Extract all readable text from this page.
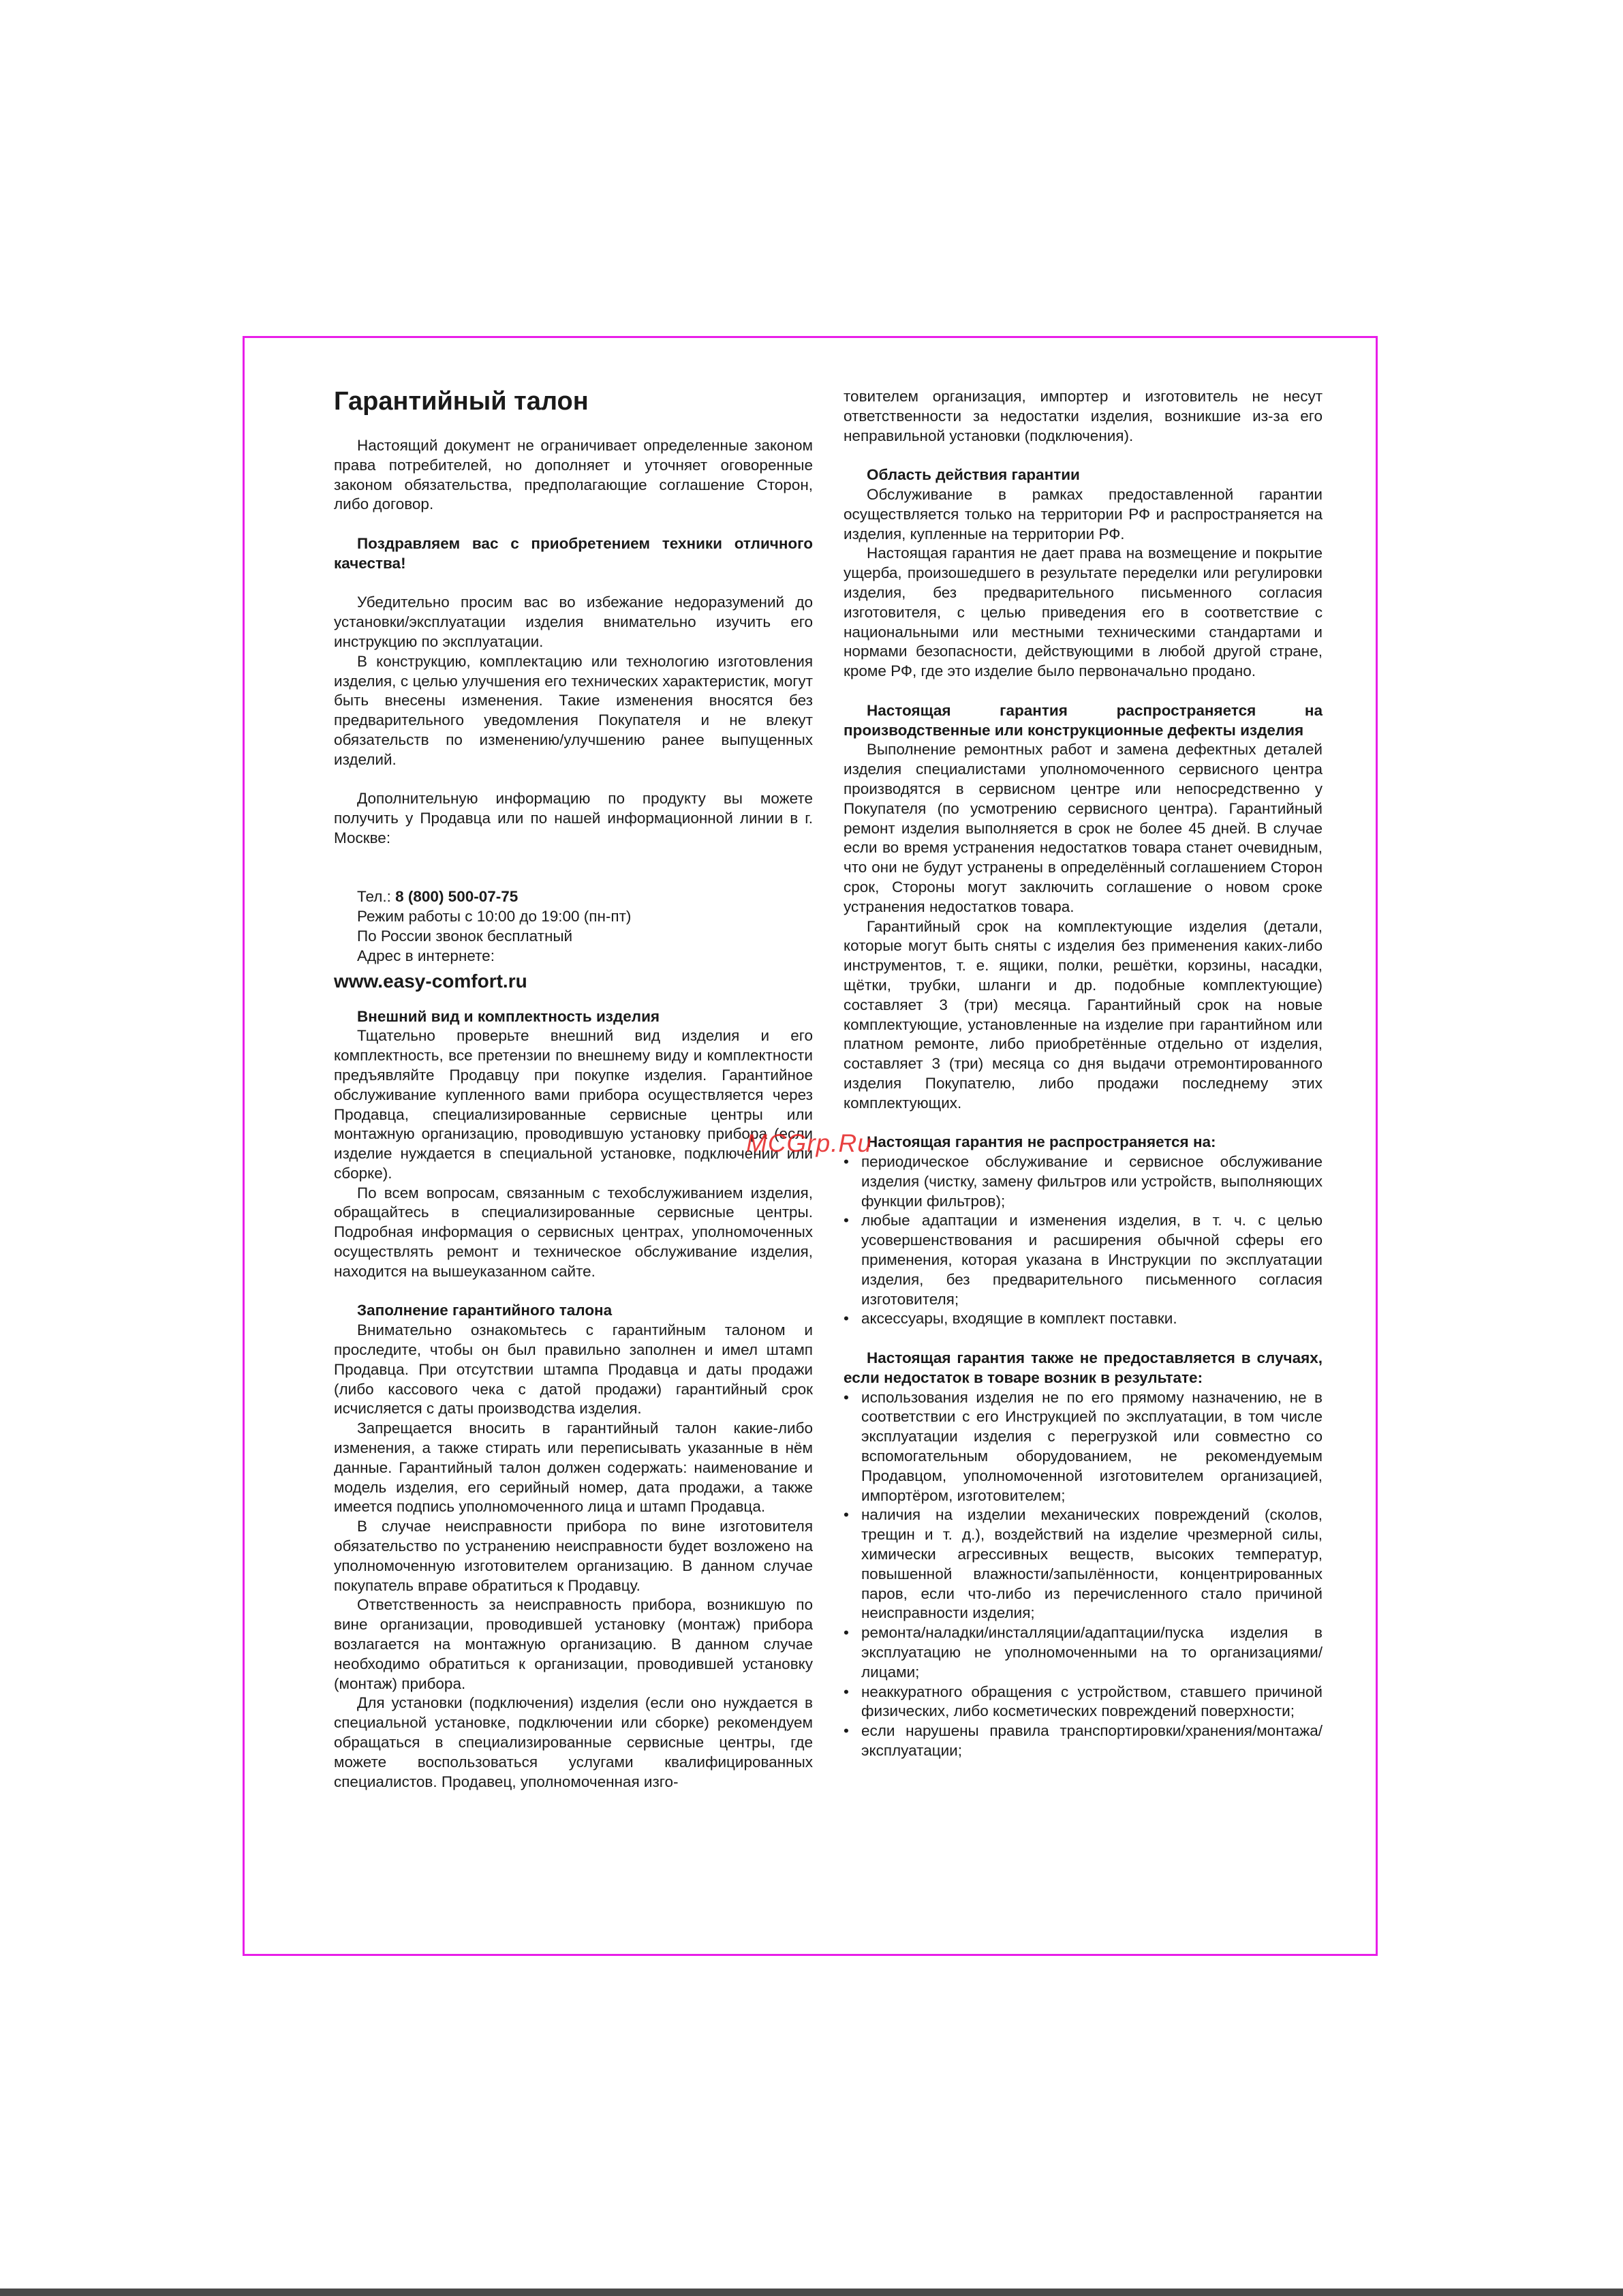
Гарантийный талон

Настоящий документ не ограничивает определенные законом права потребителей, но дополняет и уточняет оговоренные законом обязательства, предполагающие соглашение Сторон, либо договор.

Поздравляем вас с приобретением техники отличного качества!

Убедительно просим вас во избежание недоразумений до установки/эксплуатации изделия внимательно изучить его инструкцию по эксплуатации.

В конструкцию, комплектацию или технологию изготовления изделия, с целью улучшения его технических характеристик, могут быть внесены изменения. Такие изменения вносятся без предварительного уведомления Покупателя и не влекут обязательств по изменению/улучшению ранее выпущенных изделий.

Дополнительную информацию по продукту вы можете получить у Продавца или по нашей информационной линии в г. Москве:

Тел.: 8 (800) 500-07-75

Режим работы с 10:00 до 19:00 (пн-пт)

По России звонок бесплатный

Адрес в интернете:

www.easy-comfort.ru
Внешний вид и комплектность изделия

Тщательно проверьте внешний вид изделия и его комплектность, все претензии по внешнему виду и комплектности предъявляйте Продавцу при покупке изделия. Гарантийное обслуживание купленного вами прибора осуществляется через Продавца, специализированные сервисные центры или монтажную организацию, проводившую установку прибора (если изделие нуждается в специальной установке, подключении или сборке).

По всем вопросам, связанным с техобслуживанием изделия, обращайтесь в специализированные сервисные центры. Подробная информация о сервисных центрах, уполномоченных осуществлять ремонт и техническое обслуживание изделия, находится на вышеуказанном сайте.

Заполнение гарантийного талона

Внимательно ознакомьтесь с гарантийным талоном и проследите, чтобы он был правильно заполнен и имел штамп Продавца. При отсутствии штампа Продавца и даты продажи (либо кассового чека с датой продажи) гарантийный срок исчисляется с даты производства изделия.

Запрещается вносить в гарантийный талон какие-либо изменения, а также стирать или переписывать указанные в нём данные. Гарантийный талон должен содержать: наименование и модель изделия, его серийный номер, дата продажи, а также имеется подпись уполномоченного лица и штамп Продавца.

В случае неисправности прибора по вине изготовителя обязательство по устранению неисправности будет возложено на уполномоченную изготовителем организацию. В данном случае покупатель вправе обратиться к Продавцу.

Ответственность за неисправность прибора, возникшую по вине организации, проводившей установку (монтаж) прибора возлагается на монтажную организацию. В данном случае необходимо обратиться к организации, проводившей установку (монтаж) прибора.

Для установки (подключения) изделия (если оно нуждается в специальной установке, подключении или сборке) рекомендуем обращаться в специализированные сервисные центры, где можете воспользоваться услугами квалифицированных специалистов. Продавец, уполномоченная изго-

товителем организация, импортер и изготовитель не несут ответственности за недостатки изделия, возникшие из-за его неправильной установки (подключения).

Область действия гарантии

Обслуживание в рамках предоставленной гарантии осуществляется только на территории РФ и распространяется на изделия, купленные на территории РФ.

Настоящая гарантия не дает права на возмещение и покрытие ущерба, произошедшего в результате переделки или регулировки изделия, без предварительного письменного согласия изготовителя, с целью приведения его в соответствие с национальными или местными техническими стандартами и нормами безопасности, действующими в любой другой стране, кроме РФ, где это изделие было первоначально продано.

Настоящая гарантия распространяется на производственные или конструкционные дефекты изделия

Выполнение ремонтных работ и замена дефектных деталей изделия специалистами уполномоченного сервисного центра производятся в сервисном центре или непосредственно у Покупателя (по усмотрению сервисного центра). Гарантийный ремонт изделия выполняется в срок не более 45 дней. В случае если во время устранения недостатков товара станет очевидным, что они не будут устранены в определённый соглашением Сторон срок, Стороны могут заключить соглашение о новом сроке устранения недостатков товара.

Гарантийный срок на комплектующие изделия (детали, которые могут быть сняты с изделия без применения каких-либо инструментов, т. е. ящики, полки, решётки, корзины, насадки, щётки, трубки, шланги и др. подобные комплектующие) составляет 3 (три) месяца. Гарантийный срок на новые комплектующие, установленные на изделие при гарантийном или платном ремонте, либо приобретённые отдельно от изделия, составляет 3 (три) месяца со дня выдачи отремонтированного изделия Покупателю, либо продажи последнему этих комплектующих.

Настоящая гарантия не распространяется на:
• периодическое обслуживание и сервисное обслуживание изделия (чистку, замену фильтров или устройств, выполняющих функции фильтров);
• любые адаптации и изменения изделия, в т. ч. с целью усовершенствования и расширения обычной сферы его применения, которая указана в Инструкции по эксплуатации изделия, без предварительного письменного согласия изготовителя;
• аксессуары, входящие в комплект поставки.
Настоящая гарантия также не предоставляется в случаях, если недостаток в товаре возник в результате:
• использования изделия не по его прямому назначению, не в соответствии с его Инструкцией по эксплуатации, в том числе эксплуатации изделия с перегрузкой или совместно со вспомогательным оборудованием, не рекомендуемым Продавцом, уполномоченной изготовителем организацией, импортёром, изготовителем;
• наличия на изделии механических повреждений (сколов, трещин и т. д.), воздействий на изделие чрезмерной силы, химически агрессивных веществ, высоких температур, повышенной влажности/запылённости, концентрированных паров, если что-либо из перечисленного стало причиной неисправности изделия;
• ремонта/наладки/инсталляции/адаптации/пуска изделия в эксплуатацию не уполномоченными на то организациями/лицами;
• неаккуратного обращения с устройством, ставшего причиной физических, либо косметических повреждений поверхности;
• если нарушены правила транспортировки/хранения/монтажа/эксплуатации;
MCGrp.Ru
